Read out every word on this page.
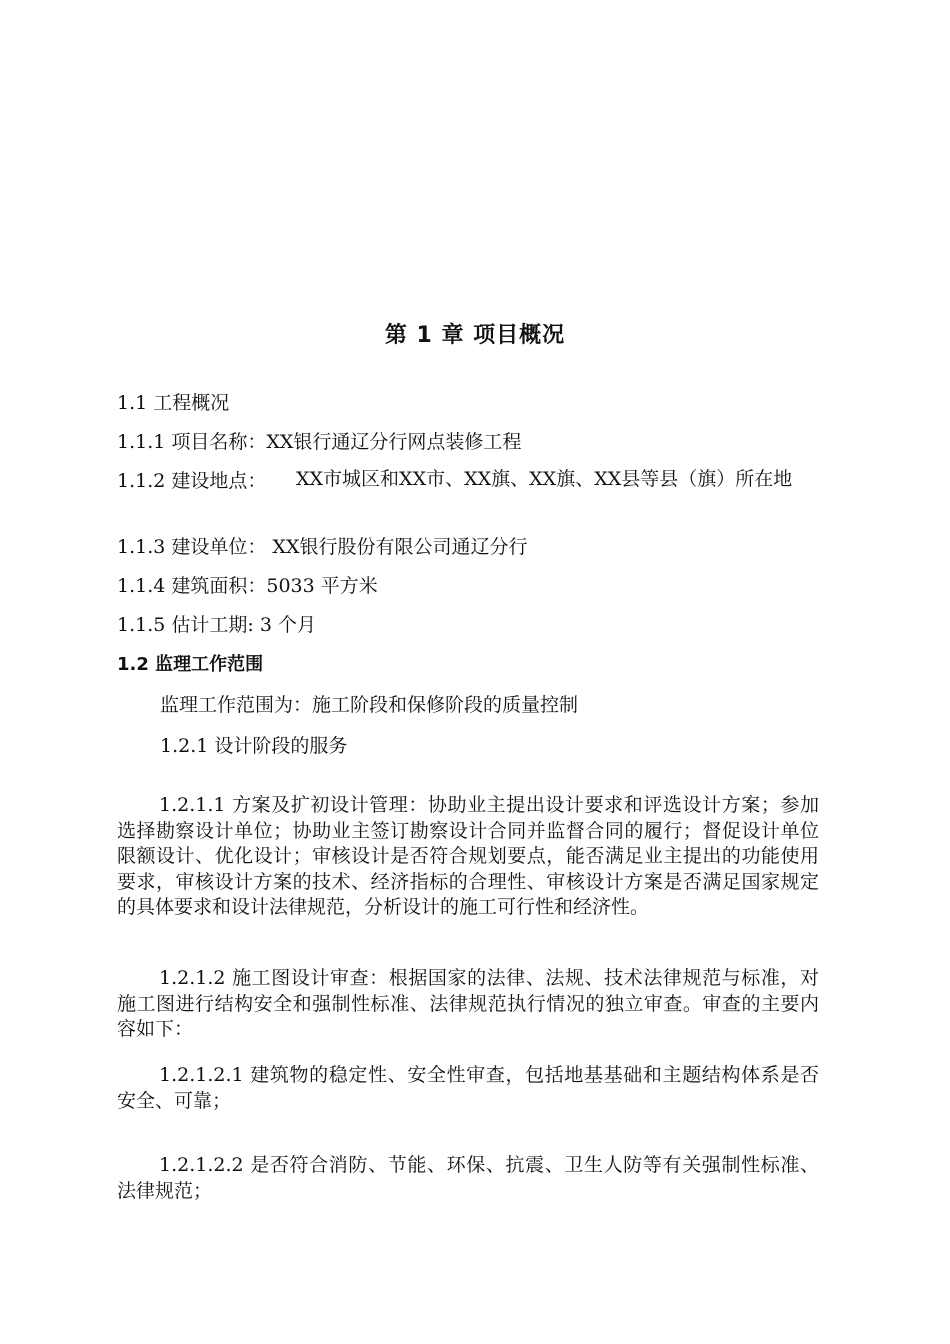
第 1 章 项目概况
1.1 工程概况
1.1.1 项目名称：XX银行通辽分行网点装修工程
1.1.2 建设地点： XX市城区和XX市、XX旗、XX旗、XX县等县（旗）所在地
1.1.3 建设单位： XX银行股份有限公司通辽分行
1.1.4 建筑面积：5033 平方米
1.1.5 估计工期: 3 个月
1.2 监理工作范围
监理工作范围为：施工阶段和保修阶段的质量控制
1.2.1 设计阶段的服务
1.2.1.1 方案及扩初设计管理：协助业主提出设计要求和评选设计方案；参加选择勘察设计单位；协助业主签订勘察设计合同并监督合同的履行；督促设计单位限额设计、优化设计；审核设计是否符合规划要点，能否满足业主提出的功能使用要求，审核设计方案的技术、经济指标的合理性、审核设计方案是否满足国家规定的具体要求和设计法律规范，分析设计的施工可行性和经济性。
1.2.1.2 施工图设计审查：根据国家的法律、法规、技术法律规范与标准，对施工图进行结构安全和强制性标准、法律规范执行情况的独立审查。审查的主要内容如下：
1.2.1.2.1 建筑物的稳定性、安全性审查，包括地基基础和主题结构体系是否安全、可靠；
1.2.1.2.2 是否符合消防、节能、环保、抗震、卫生人防等有关强制性标准、法律规范；
